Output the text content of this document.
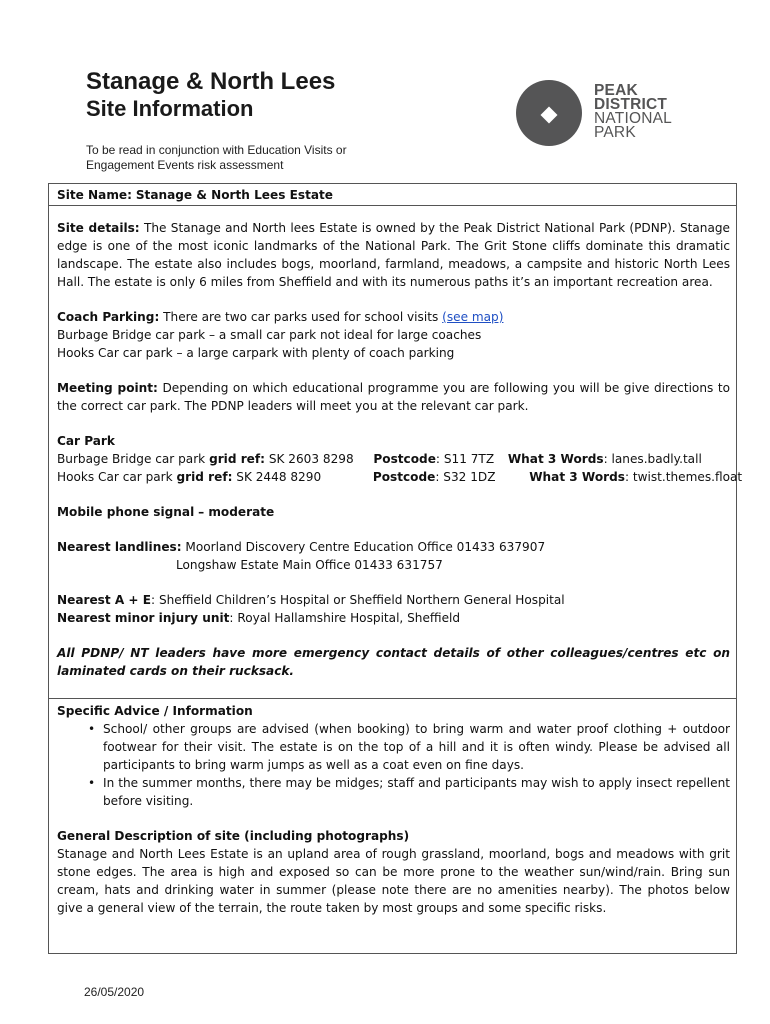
Stanage & North Lees
Site Information
To be read in conjunction with Education Visits or
Engagement Events risk assessment
PEAK
DISTRICT
NATIONAL
PARK
Site Name: Stanage & North Lees Estate

Site details: The Stanage and North lees Estate is owned by the Peak District National Park (PDNP). Stanage edge is one of the most iconic landmarks of the National Park. The Grit Stone cliffs dominate this dramatic landscape. The estate also includes bogs, moorland, farmland, meadows, a campsite and historic North Lees Hall. The estate is only 6 miles from Sheffield and with its numerous paths it’s an important recreation area.

Coach Parking: There are two car parks used for school visits (see map)
Burbage Bridge car park – a small car park not ideal for large coaches
Hooks Car car park – a large carpark with plenty of coach parking

Meeting point: Depending on which educational programme you are following you will be give directions to the correct car park. The PDNP leaders will meet you at the relevant car park.

Car Park
Burbage Bridge car park grid ref: SK 2603 8298 Postcode: S11 7TZ What 3 Words: lanes.badly.tall
Hooks Car car park grid ref: SK 2448 8290	Postcode: S32 1DZ	What 3 Words: twist.themes.float

Mobile phone signal – moderate

Nearest landlines: Moorland Discovery Centre Education Office 01433 637907
Longshaw Estate Main Office 01433 631757

Nearest A + E: Sheffield Children’s Hospital or Sheffield Northern General Hospital
Nearest minor injury unit: Royal Hallamshire Hospital, Sheffield

All PDNP/ NT leaders have more emergency contact details of other colleagues/centres etc on laminated cards on their rucksack.

Specific Advice / Information
• School/ other groups are advised (when booking) to bring warm and water proof clothing + outdoor footwear for their visit. The estate is on the top of a hill and it is often windy. Please be advised all participants to bring warm jumps as well as a coat even on fine days.
• In the summer months, there may be midges; staff and participants may wish to apply insect repellent before visiting.
General Description of site (including photographs)
Stanage and North Lees Estate is an upland area of rough grassland, moorland, bogs and meadows with grit stone edges. The area is high and exposed so can be more prone to the weather sun/wind/rain. Bring sun cream, hats and drinking water in summer (please note there are no amenities nearby). The photos below give a general view of the terrain, the route taken by most groups and some specific risks.
26/05/2020
